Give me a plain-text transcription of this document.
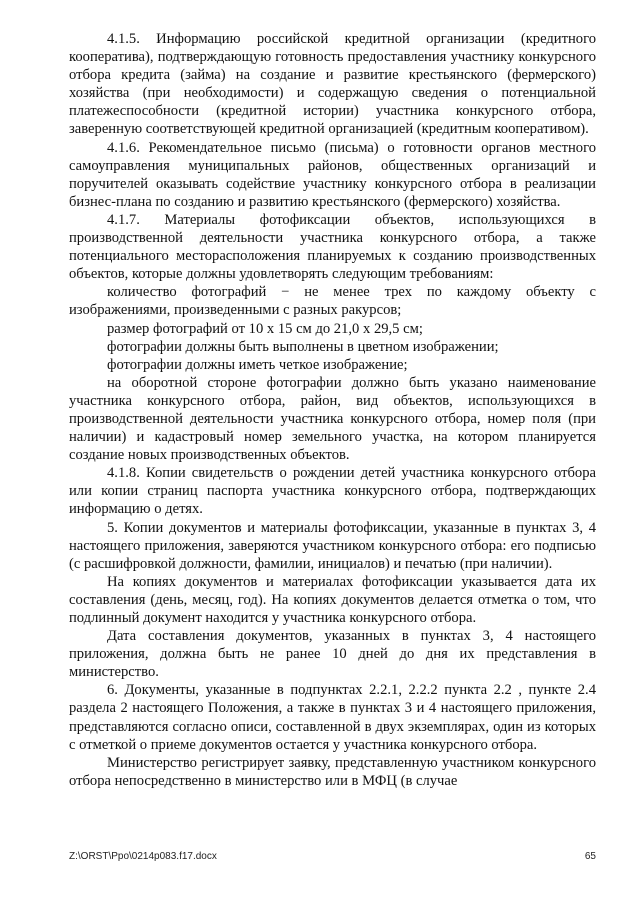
4.1.5. Информацию российской кредитной организации (кредитного кооператива), подтверждающую готовность предоставления участнику конкурсного отбора кредита (займа) на создание и развитие крестьянского (фермерского) хозяйства (при необходимости) и содержащую сведения о потенциальной платежеспособности (кредитной истории) участника конкурсного отбора, заверенную соответствующей кредитной организацией (кредитным кооперативом).

4.1.6. Рекомендательное письмо (письма) о готовности органов местного самоуправления муниципальных районов, общественных организаций и поручителей оказывать содействие участнику конкурсного отбора в реализации бизнес-плана по созданию и развитию крестьянского (фермерского) хозяйства.

4.1.7. Материалы фотофиксации объектов, использующихся в производственной деятельности участника конкурсного отбора, а также потенциального месторасположения планируемых к созданию производственных объектов, которые должны удовлетворять следующим требованиям:

количество фотографий − не менее трех по каждому объекту с изображениями, произведенными с разных ракурсов;

размер фотографий от 10 х 15 см до 21,0 х 29,5 см;

фотографии должны быть выполнены в цветном изображении;

фотографии должны иметь четкое изображение;

на оборотной стороне фотографии должно быть указано наименование участника конкурсного отбора, район, вид объектов, использующихся в производственной деятельности участника конкурсного отбора, номер поля (при наличии) и кадастровый номер земельного участка, на котором планируется создание новых производственных объектов.

4.1.8. Копии свидетельств о рождении детей участника конкурсного отбора или копии страниц паспорта участника конкурсного отбора, подтверждающих информацию о детях.

5. Копии документов и материалы фотофиксации, указанные в пунктах 3, 4 настоящего приложения, заверяются участником конкурсного отбора: его подписью (с расшифровкой должности, фамилии, инициалов) и печатью (при наличии).

На копиях документов и материалах фотофиксации указывается дата их составления (день, месяц, год). На копиях документов делается отметка о том, что подлинный документ находится у участника конкурсного отбора.

Дата составления документов, указанных в пунктах 3, 4 настоящего приложения, должна быть не ранее 10 дней до дня их представления в министерство.

6. Документы, указанные в подпунктах 2.2.1, 2.2.2 пункта 2.2 , пункте 2.4 раздела 2 настоящего Положения, а также в пунктах 3 и 4 настоящего приложения, представляются согласно описи, составленной в двух экземплярах, один из которых с отметкой о приеме документов остается у участника конкурсного отбора.

Министерство регистрирует заявку, представленную участником конкурсного отбора непосредственно в министерство или в МФЦ (в случае

Z:\ORST\Ppo\0214p083.f17.docx	65
